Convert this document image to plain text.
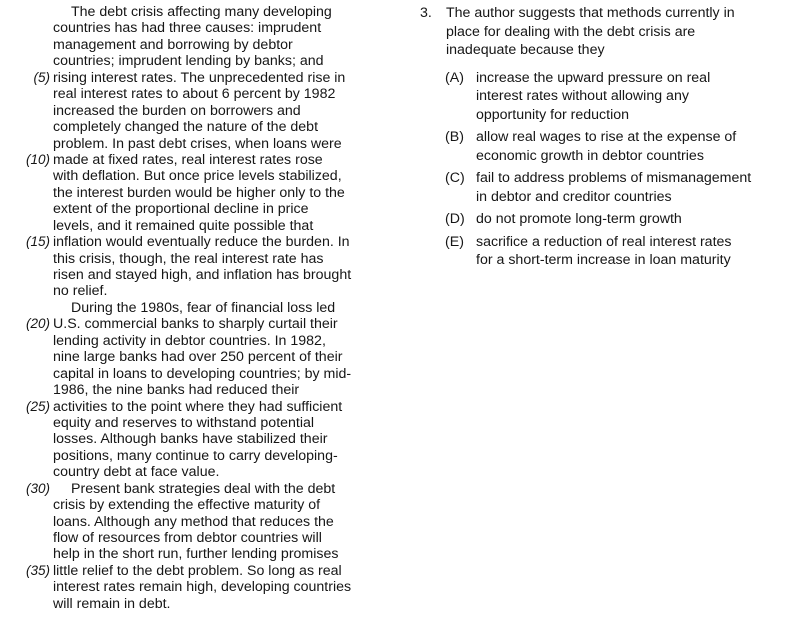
The debt crisis affecting many developing
countries has had three causes: imprudent
management and borrowing by debtor
countries; imprudent lending by banks; and
(5) rising interest rates. The unprecedented rise in
real interest rates to about 6 percent by 1982
increased the burden on borrowers and
completely changed the nature of the debt
problem. In past debt crises, when loans were
(10) made at fixed rates, real interest rates rose
with deflation. But once price levels stabilized,
the interest burden would be higher only to the
extent of the proportional decline in price
levels, and it remained quite possible that
(15) inflation would eventually reduce the burden. In
this crisis, though, the real interest rate has
risen and stayed high, and inflation has brought
no relief.
During the 1980s, fear of financial loss led
(20) U.S. commercial banks to sharply curtail their
lending activity in debtor countries. In 1982,
nine large banks had over 250 percent of their
capital in loans to developing countries; by mid-
1986, the nine banks had reduced their
(25) activities to the point where they had sufficient
equity and reserves to withstand potential
losses. Although banks have stabilized their
positions, many continue to carry developing-
country debt at face value.
(30) Present bank strategies deal with the debt
crisis by extending the effective maturity of
loans. Although any method that reduces the
flow of resources from debtor countries will
help in the short run, further lending promises
(35) little relief to the debt problem. So long as real
interest rates remain high, developing countries
will remain in debt.
3. The author suggests that methods currently in
place for dealing with the debt crisis are
inadequate because they
(A) increase the upward pressure on real
interest rates without allowing any
opportunity for reduction
(B) allow real wages to rise at the expense of
economic growth in debtor countries
(C) fail to address problems of mismanagement
in debtor and creditor countries
(D) do not promote long-term growth
(E) sacrifice a reduction of real interest rates
for a short-term increase in loan maturity
